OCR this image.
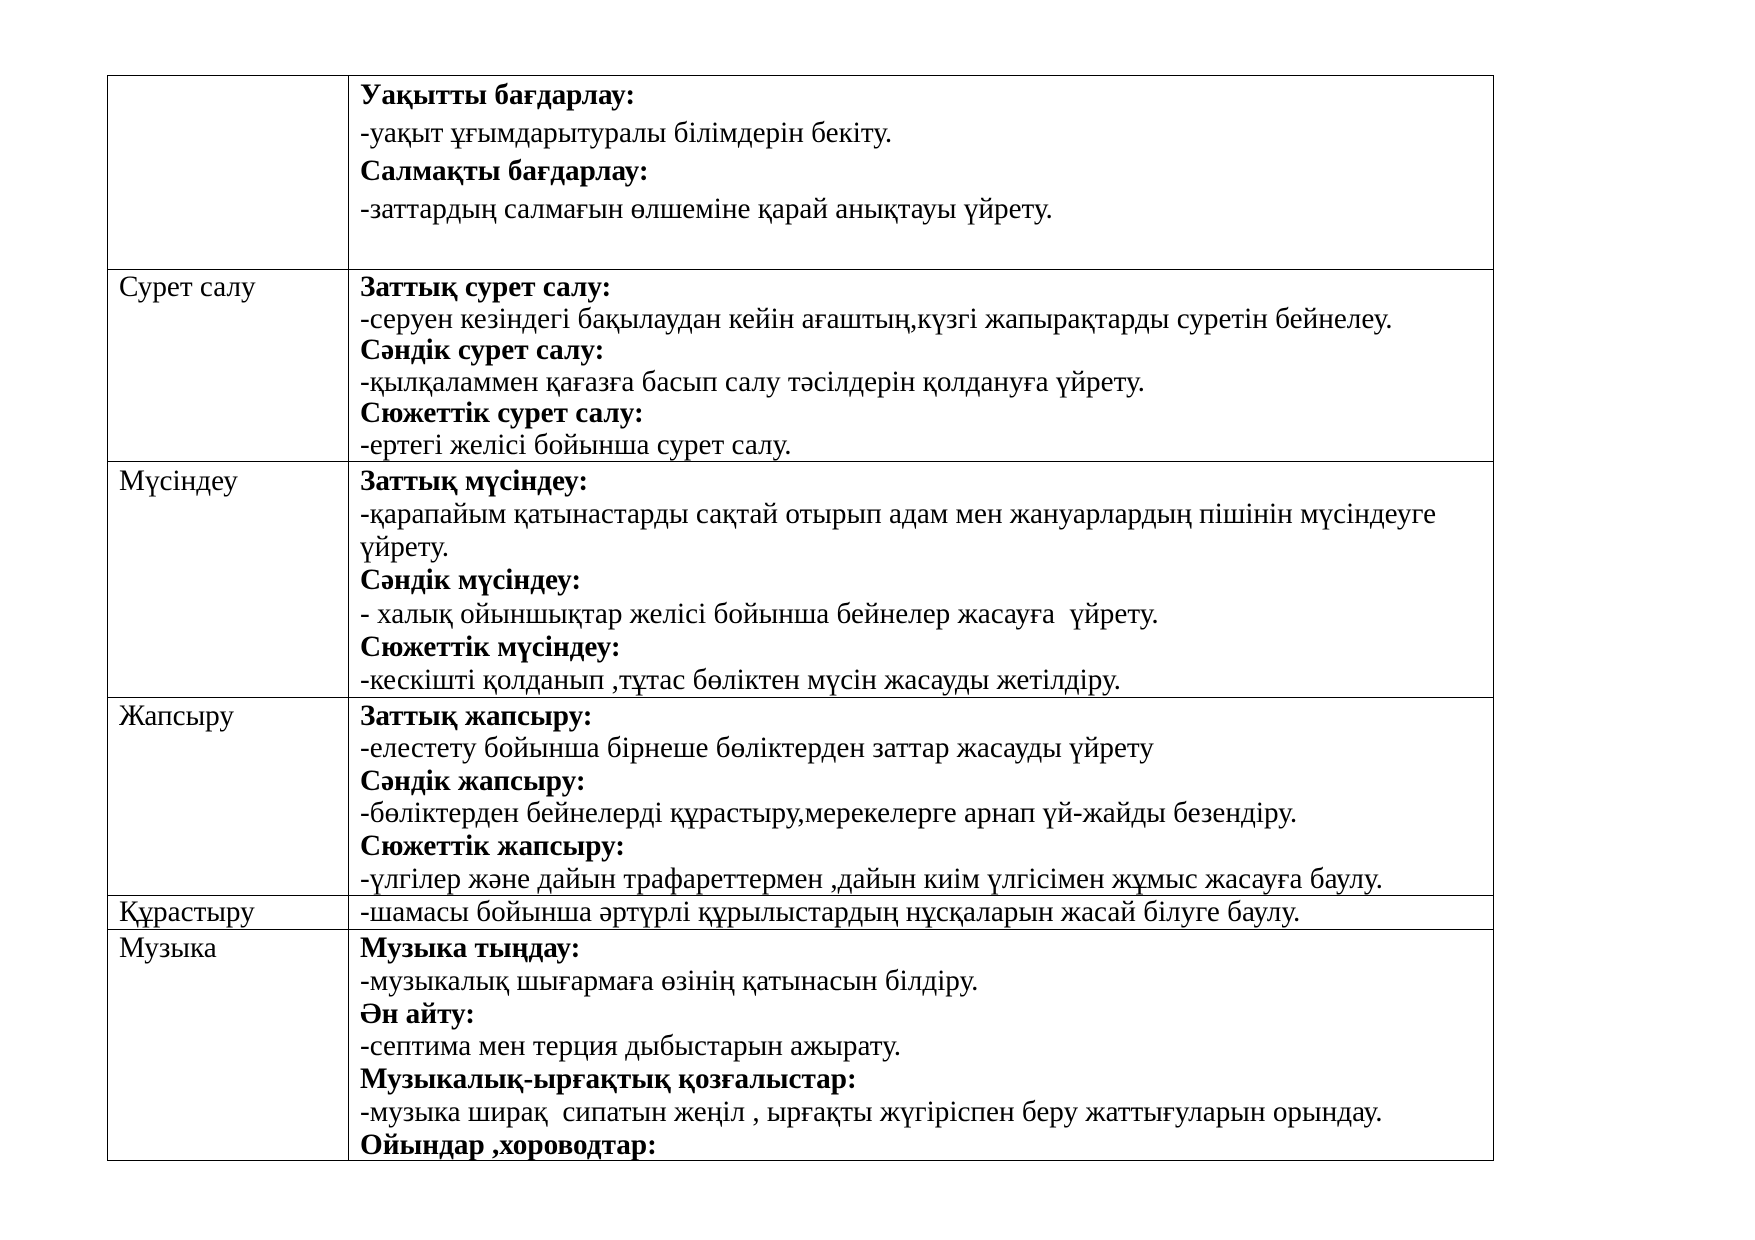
Уақытты бағдарлау:
-уақыт ұғымдарытуралы білімдерін бекіту.
Салмақты бағдарлау:
-заттардың салмағын өлшеміне қарай анықтауы үйрету.
Сурет салу	Заттық сурет салу:
-серуен кезіндегі бақылаудан кейін ағаштың,күзгі жапырақтарды суретін бейнелеу.
Сәндік сурет салу:
-қылқаламмен қағазға басып салу тәсілдерін қолдануға үйрету.
Сюжеттік сурет салу:
-ертегі желісі бойынша сурет салу.
Мүсіндеу	Заттық мүсіндеу:
-қарапайым қатынастарды сақтай отырып адам мен жануарлардың пішінін мүсіндеуге
үйрету.
Сәндік мүсіндеу:
- халық ойыншықтар желісі бойынша бейнелер жасауға  үйрету.
Сюжеттік мүсіндеу:
-кескішті қолданып ,тұтас бөліктен мүсін жасауды жетілдіру.
Жапсыру	Заттық жапсыру:
-елестету бойынша бірнеше бөліктерден заттар жасауды үйрету
Сәндік жапсыру:
-бөліктерден бейнелерді құрастыру,мерекелерге арнап үй-жайды безендіру.
Сюжеттік жапсыру:
-үлгілер және дайын трафареттермен ,дайын киім үлгісімен жұмыс жасауға баулу.
Құрастыру	-шамасы бойынша әртүрлі құрылыстардың нұсқаларын жасай білуге баулу.
Музыка	Музыка тыңдау:
-музыкалық шығармаға өзінің қатынасын білдіру.
Ән айту:
-септима мен терция дыбыстарын ажырату.
Музыкалық-ырғақтық қозғалыстар:
-музыка ширақ  сипатын жеңіл , ырғақты жүгіріспен беру жаттығуларын орындау.
Ойындар ,хороводтар:
